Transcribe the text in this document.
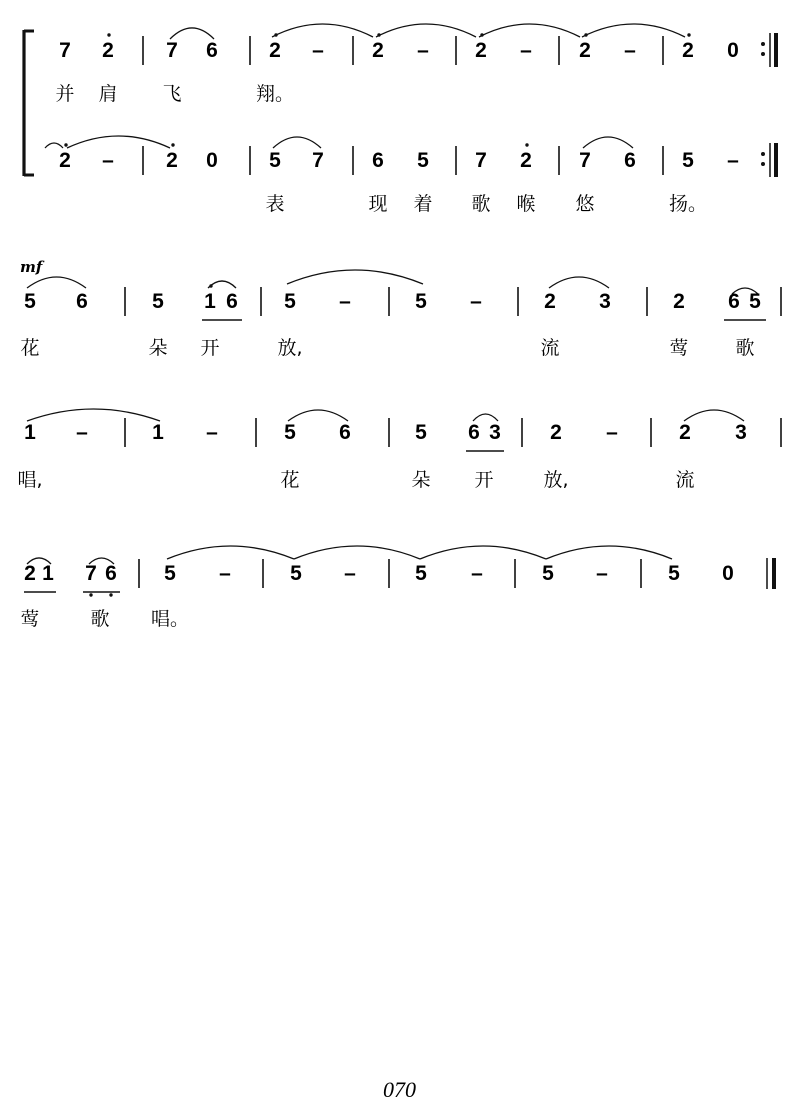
7 2 7 6 2 – 2 – 2 – 2 – 2 0
2 – 2 0 5 7 6 5 7 2 7 6 5 –
5 6	5 1 6 5 –	5 –	2 3	2 6 5
1 –	1 –	5 6	5 6 3 2 –	2 3
2 1 7 6 5 –	5 –	5 –	5 –	5 0
并 肩 飞	翔。
表	现 着 歌 喉 悠	扬。
花	朵 开	放,	流	莺 歌
唱,	花	朵 开	放,	流
莺	歌 唱。
mf
070
